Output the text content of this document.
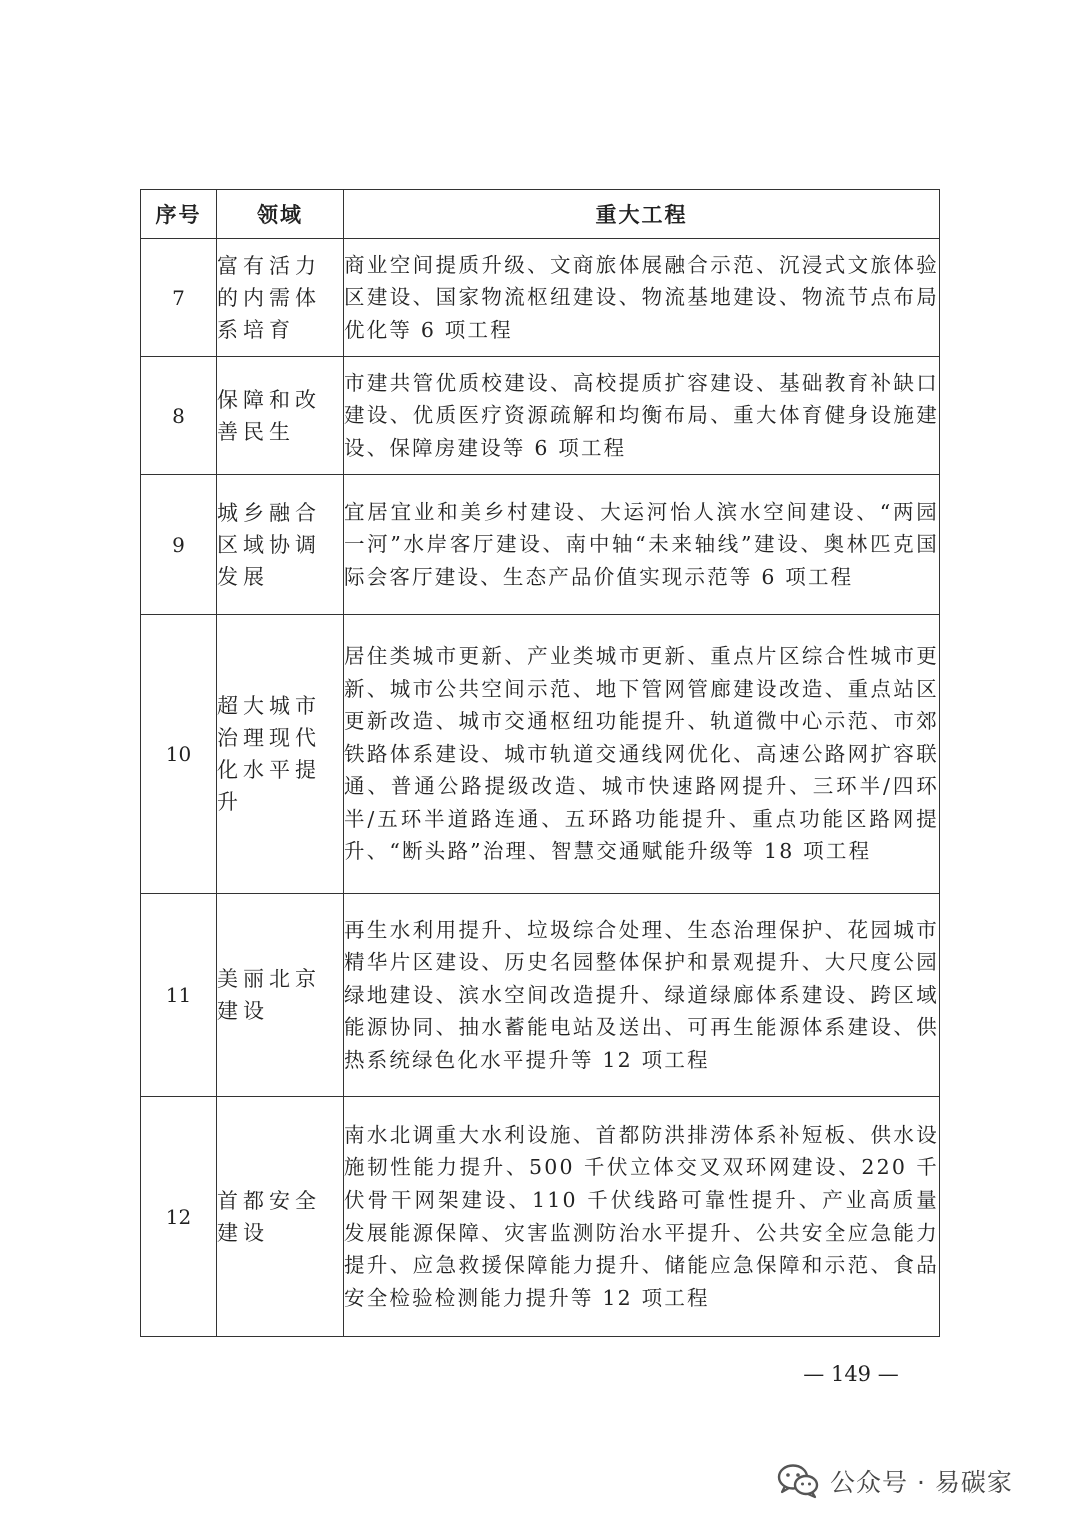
序号	领域	重大工程
7	富有活力的内需体系培育	商业空间提质升级、文商旅体展融合示范、沉浸式文旅体验区建设、国家物流枢纽建设、物流基地建设、物流节点布局优化等 6 项工程
8	保障和改善民生	市建共管优质校建设、高校提质扩容建设、基础教育补缺口建设、优质医疗资源疏解和均衡布局、重大体育健身设施建设、保障房建设等 6 项工程
9	城乡融合区域协调发展	宜居宜业和美乡村建设、大运河怡人滨水空间建设、“两园一河”水岸客厅建设、南中轴“未来轴线”建设、奥林匹克国际会客厅建设、生态产品价值实现示范等 6 项工程
10	超大城市治理现代化水平提升	居住类城市更新、产业类城市更新、重点片区综合性城市更新、城市公共空间示范、地下管网管廊建设改造、重点站区更新改造、城市交通枢纽功能提升、轨道微中心示范、市郊铁路体系建设、城市轨道交通线网优化、高速公路网扩容联通、普通公路提级改造、城市快速路网提升、三环半/四环半/五环半道路连通、五环路功能提升、重点功能区路网提升、“断头路”治理、智慧交通赋能升级等 18 项工程
11	美丽北京建设	再生水利用提升、垃圾综合处理、生态治理保护、花园城市精华片区建设、历史名园整体保护和景观提升、大尺度公园绿地建设、滨水空间改造提升、绿道绿廊体系建设、跨区域能源协同、抽水蓄能电站及送出、可再生能源体系建设、供热系统绿色化水平提升等 12 项工程
12	首都安全建设	南水北调重大水利设施、首都防洪排涝体系补短板、供水设施韧性能力提升、500 千伏立体交叉双环网建设、220 千伏骨干网架建设、110 千伏线路可靠性提升、产业高质量发展能源保障、灾害监测防治水平提升、公共安全应急能力提升、应急救援保障能力提升、储能应急保障和示范、食品安全检验检测能力提升等 12 项工程
— 149 —
公众号 · 易碳家
